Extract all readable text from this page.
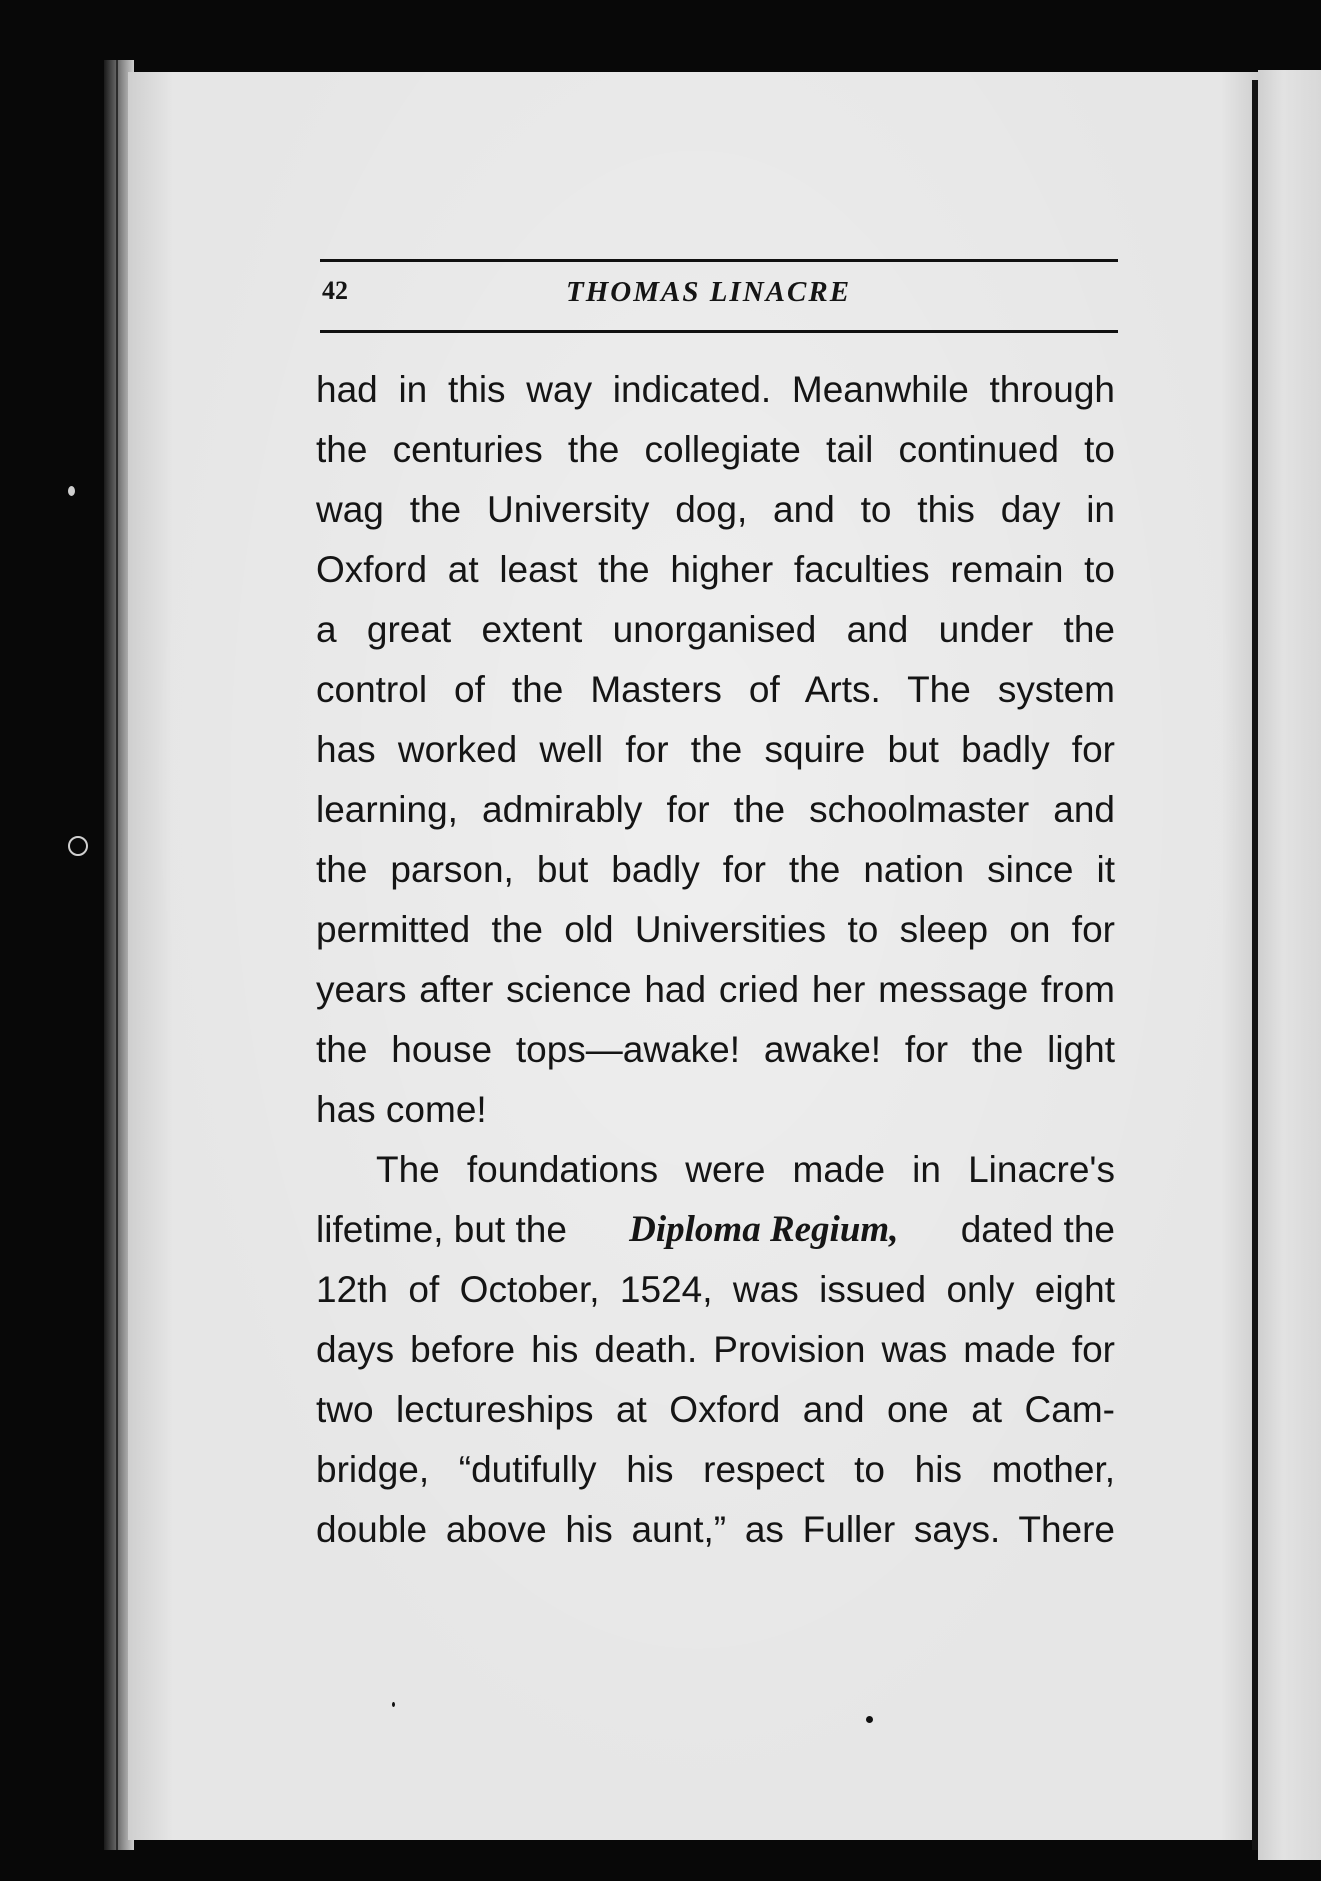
42	THOMAS LINACRE
had in this way indicated. Meanwhile through
the centuries the collegiate tail continued to
wag the University dog, and to this day in
Oxford at least the higher faculties remain to
a great extent unorganised and under the
control of the Masters of Arts. The system
has worked well for the squire but badly for
learning, admirably for the schoolmaster and
the parson, but badly for the nation since it
permitted the old Universities to sleep on for
years after science had cried her message from
the house tops—awake! awake! for the light
has come!
The foundations were made in Linacre's
lifetime, but the Diploma Regium, dated the
12th of October, 1524, was issued only eight
days before his death. Provision was made for
two lectureships at Oxford and one at Cam-
bridge, “dutifully his respect to his mother,
double above his aunt,” as Fuller says. There
